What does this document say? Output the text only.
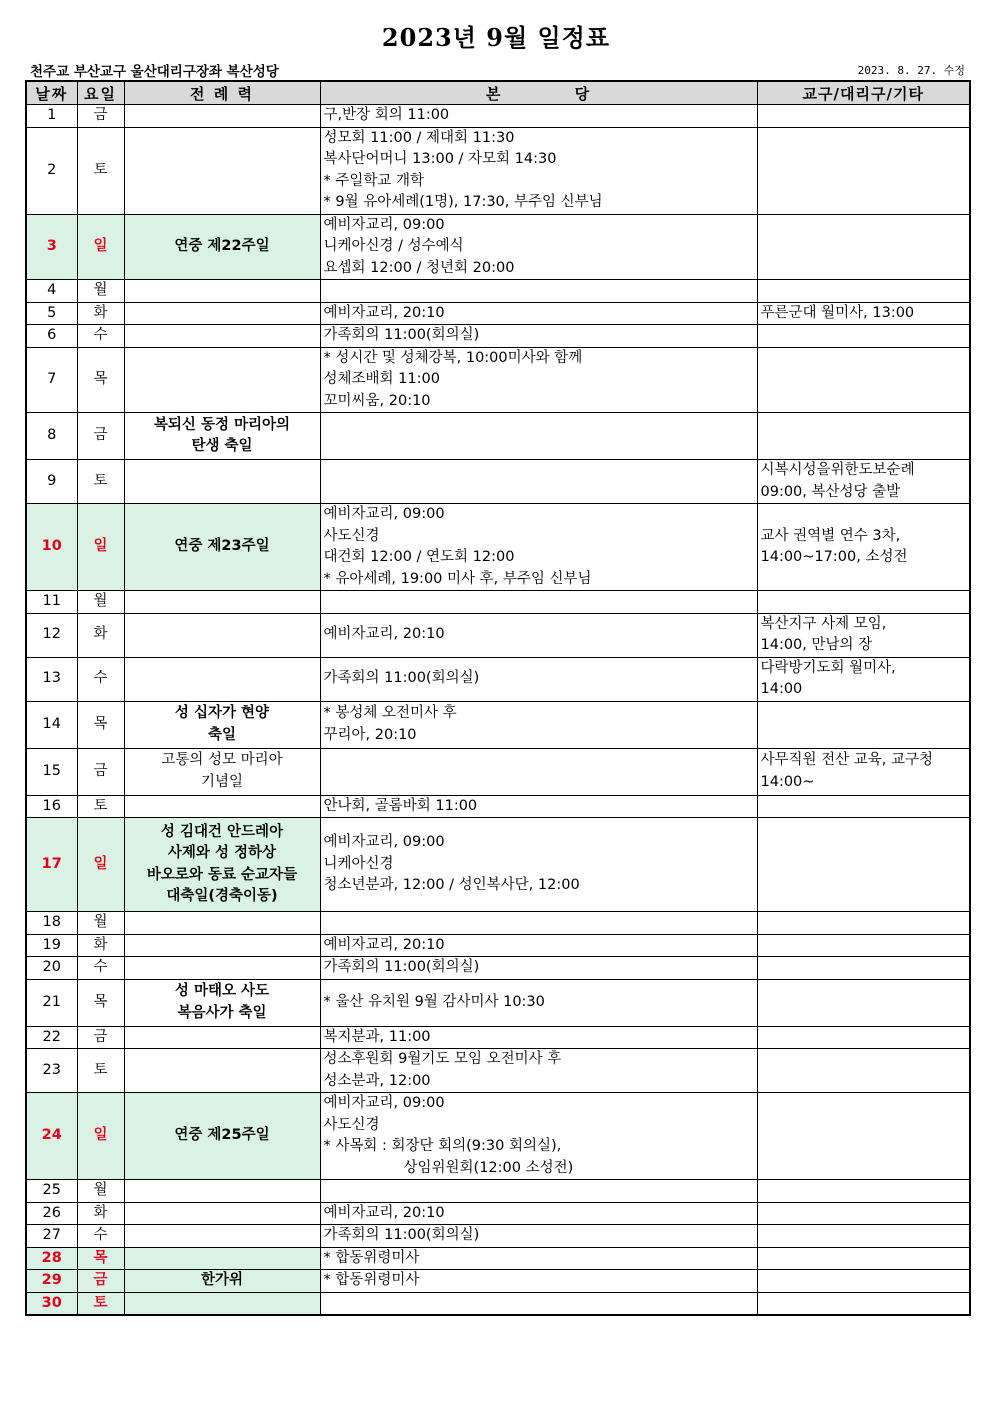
2023년 9월 일정표
천주교 부산교구 울산대리구장좌 복산성당	2023. 8. 27. 수정
날짜	요일	전 례 력	본          당	교구/대리구/기타
1	금		구,반장 회의 11:00	

2	토		성모회 11:00 / 제대회 11:30
복사단어머니 13:00 / 자모회 14:30
* 주일학교 개학
* 9월 유아세례(1명), 17:30, 부주임 신부님	

3	일	연중 제22주일	예비자교리, 09:00
니케아신경 / 성수예식
요셉회 12:00 / 청년회 20:00	

4	월			
5	화		예비자교리, 20:10	푸른군대 월미사, 13:00

6	수		가족회의 11:00(회의실)	

7	목		* 성시간 및 성체강복, 10:00미사와 함께
성체조배회 11:00
꼬미씨움, 20:10	

8	금	복되신 동정 마리아의
탄생 축일		

9	토			시복시성을위한도보순례
09:00, 복산성당 출발

10	일	연중 제23주일	예비자교리, 09:00
사도신경
대건회 12:00 / 연도회 12:00
* 유아세례, 19:00 미사 후, 부주임 신부님	교사 권역별 연수 3차,
14:00~17:00, 소성전

11	월			
12	화		예비자교리, 20:10	복산지구 사제 모임,
14:00, 만남의 장

13	수		가족회의 11:00(회의실)	다락방기도회 월미사,
14:00

14	목	성 십자가 현양
축일	* 봉성체 오전미사 후
꾸리아, 20:10	

15	금	고통의 성모 마리아
기념일		사무직원 전산 교육, 교구청
14:00~

16	토		안나회, 골롬바회 11:00	

17	일	성 김대건 안드레아
사제와 성 정하상
바오로와 동료 순교자들
대축일(경축이동)	예비자교리, 09:00
니케아신경
청소년분과, 12:00 / 성인복사단, 12:00	

18	월			
19	화		예비자교리, 20:10	

20	수		가족회의 11:00(회의실)	

21	목	성 마태오 사도
복음사가 축일	* 울산 유치원 9월 감사미사 10:30	

22	금		복지분과, 11:00	

23	토		성소후원회 9월기도 모임 오전미사 후
성소분과, 12:00	

24	일	연중 제25주일	예비자교리, 09:00
사도신경
* 사목회 : 회장단 회의(9:30 회의실),
상임위원회(12:00 소성전)	

25	월			
26	화		예비자교리, 20:10	

27	수		가족회의 11:00(회의실)	

28	목		* 합동위령미사	

29	금	한가위	* 합동위령미사	

30	토			
